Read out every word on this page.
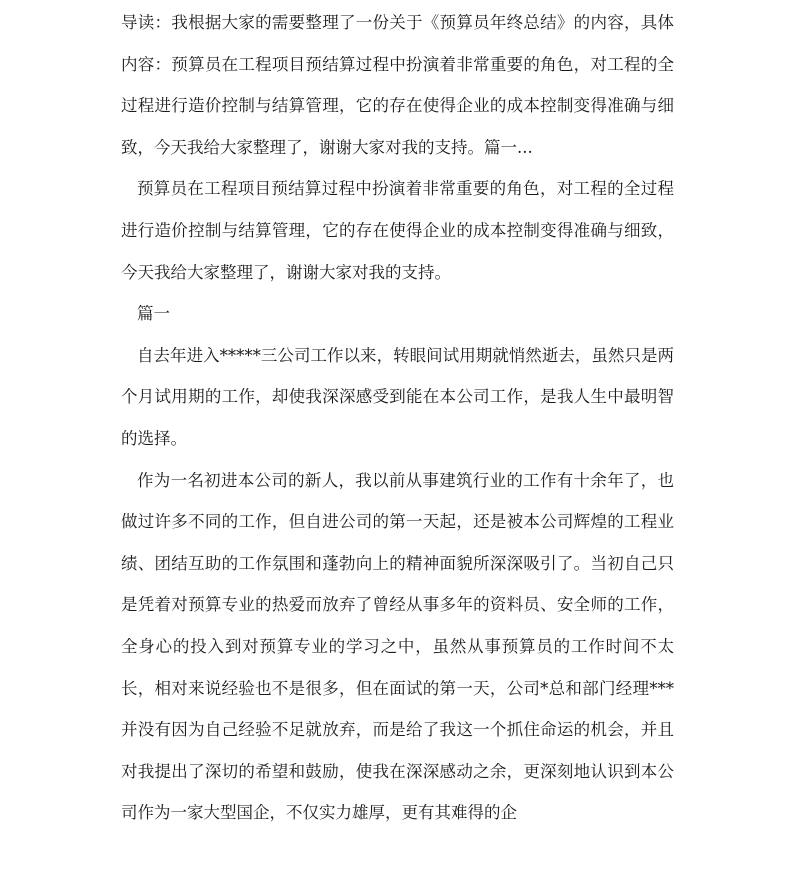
导读：我根据大家的需要整理了一份关于《预算员年终总结》的内容，具体内容：预算员在工程项目预结算过程中扮演着非常重要的角色，对工程的全过程进行造价控制与结算管理，它的存在使得企业的成本控制变得准确与细致，今天我给大家整理了，谢谢大家对我的支持。篇一...

预算员在工程项目预结算过程中扮演着非常重要的角色，对工程的全过程进行造价控制与结算管理，它的存在使得企业的成本控制变得准确与细致，今天我给大家整理了，谢谢大家对我的支持。

篇一

自去年进入*****三公司工作以来，转眼间试用期就悄然逝去，虽然只是两个月试用期的工作，却使我深深感受到能在本公司工作，是我人生中最明智的选择。

作为一名初进本公司的新人，我以前从事建筑行业的工作有十余年了，也做过许多不同的工作，但自进公司的第一天起，还是被本公司辉煌的工程业绩、团结互助的工作氛围和蓬勃向上的精神面貌所深深吸引了。当初自己只是凭着对预算专业的热爱而放弃了曾经从事多年的资料员、安全师的工作，全身心的投入到对预算专业的学习之中，虽然从事预算员的工作时间不太长，相对来说经验也不是很多，但在面试的第一天，公司*总和部门经理***并没有因为自己经验不足就放弃，而是给了我这一个抓住命运的机会，并且对我提出了深切的希望和鼓励，使我在深深感动之余，更深刻地认识到本公司作为一家大型国企，不仅实力雄厚，更有其难得的企
